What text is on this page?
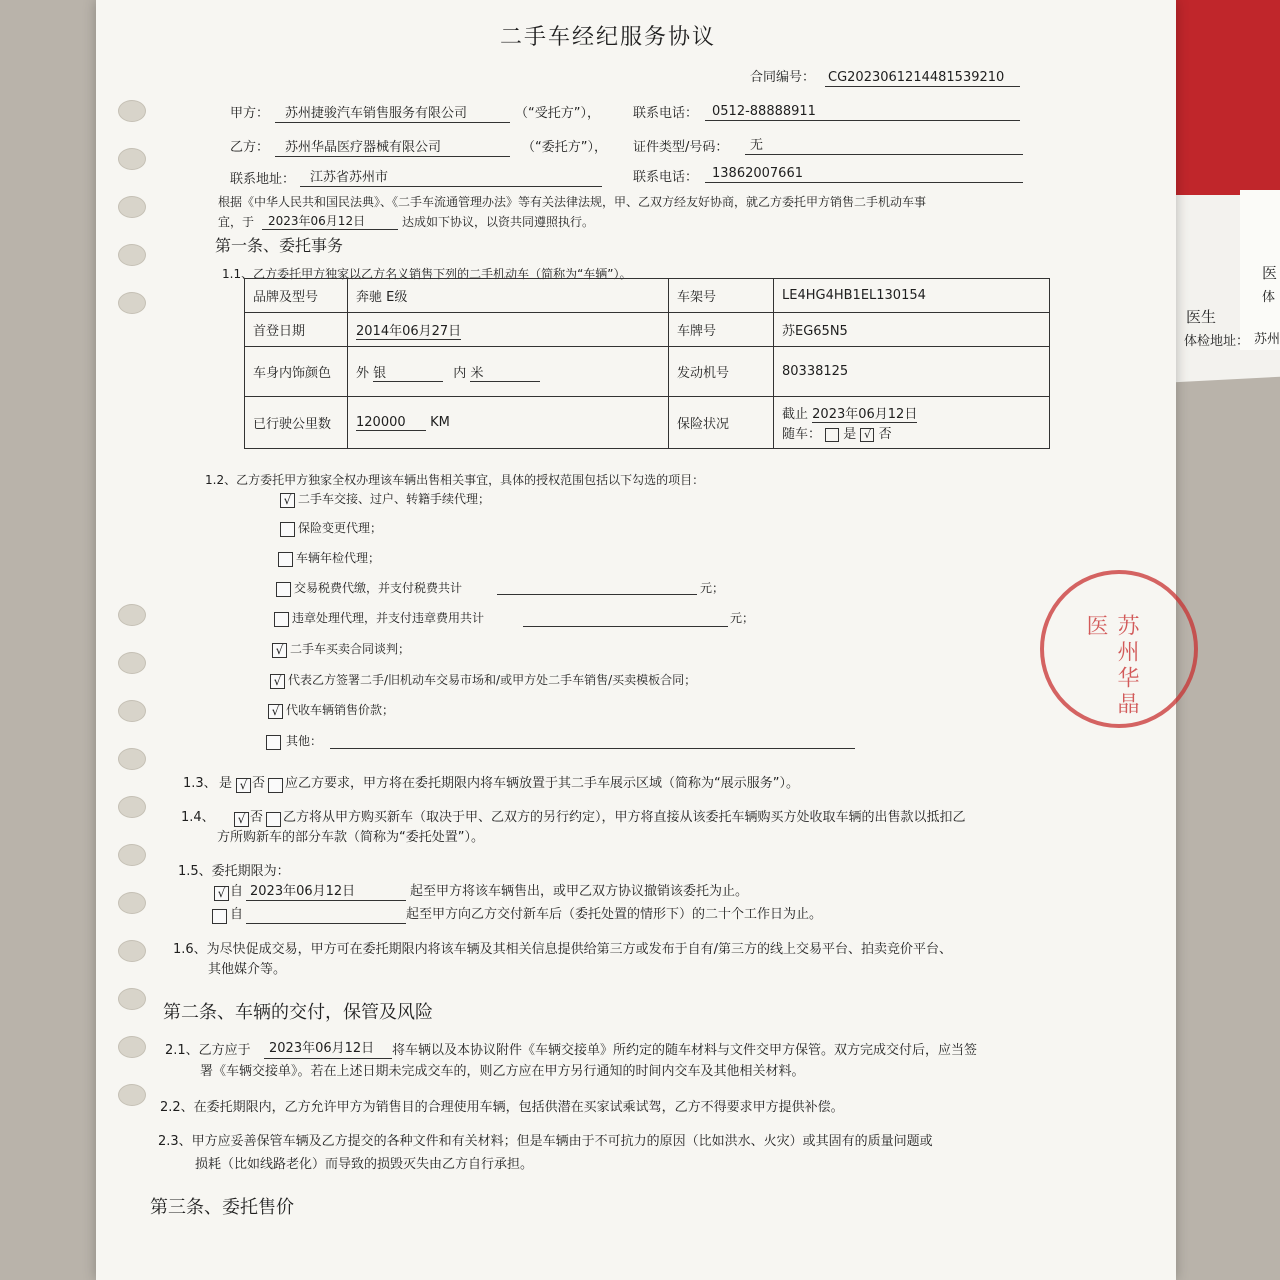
医生
体检地址： 苏州
医
体
苏州华晶医
二手车经纪服务协议
合同编号： CG2023061214481539210
甲方： 苏州捷骏汽车销售服务有限公司	（“受托方”），	联系电话： 0512-88888911
乙方： 苏州华晶医疗器械有限公司	（“委托方”）， 证件类型/号码： 无
联系地址： 江苏省苏州市	联系电话： 13862007661
根据《中华人民共和国民法典》、《二手车流通管理办法》等有关法律法规，甲、乙双方经友好协商，就乙方委托甲方销售二手机动车事
宜，于 2023年06月12日	达成如下协议，以资共同遵照执行。
第一条、委托事务
1.1、乙方委托甲方独家以乙方名义销售下列的二手机动车（简称为“车辆”）。
品牌及型号	奔驰 E级	车架号	LE4HG4HB1EL130154
首登日期	2014年06月27日	车牌号	苏EG65N5
车身内饰颜色	外 银 内 米	发动机号	80338125
已行驶公里数	120000 KM	保险状况	截止 2023年06月12日
随车： 是 √ 否
1.2、乙方委托甲方独家全权办理该车辆出售相关事宜，具体的授权范围包括以下勾选的项目：
√ 二手车交接、过户、转籍手续代理；
保险变更代理；
车辆年检代理；
交易税费代缴，并支付税费共计	元；
违章处理代理，并支付违章费用共计	元；
√ 二手车买卖合同谈判；
√ 代表乙方签署二手/旧机动车交易市场和/或甲方处二手车销售/买卖模板合同；
√ 代收车辆销售价款；
其他：
1.3、 是 √ 否 应乙方要求，甲方将在委托期限内将车辆放置于其二手车展示区域（简称为“展示服务”）。
1.4、	√ 否 乙方将从甲方购买新车（取决于甲、乙双方的另行约定），甲方将直接从该委托车辆购买方处收取车辆的出售款以抵扣乙
方所购新车的部分车款（简称为“委托处置”）。
1.5、委托期限为：
√ 自 2023年06月12日	起至甲方将该车辆售出，或甲乙双方协议撤销该委托为止。
自	起至甲方向乙方交付新车后（委托处置的情形下）的二十个工作日为止。
1.6、为尽快促成交易，甲方可在委托期限内将该车辆及其相关信息提供给第三方或发布于自有/第三方的线上交易平台、拍卖竞价平台、
其他媒介等。
第二条、车辆的交付，保管及风险
2.1、乙方应于 2023年06月12日 将车辆以及本协议附件《车辆交接单》所约定的随车材料与文件交甲方保管。双方完成交付后，应当签
署《车辆交接单》。若在上述日期未完成交车的，则乙方应在甲方另行通知的时间内交车及其他相关材料。
2.2、在委托期限内，乙方允许甲方为销售目的合理使用车辆，包括供潜在买家试乘试驾，乙方不得要求甲方提供补偿。
2.3、甲方应妥善保管车辆及乙方提交的各种文件和有关材料；但是车辆由于不可抗力的原因（比如洪水、火灾）或其固有的质量问题或
损耗（比如线路老化）而导致的损毁灭失由乙方自行承担。
第三条、委托售价
